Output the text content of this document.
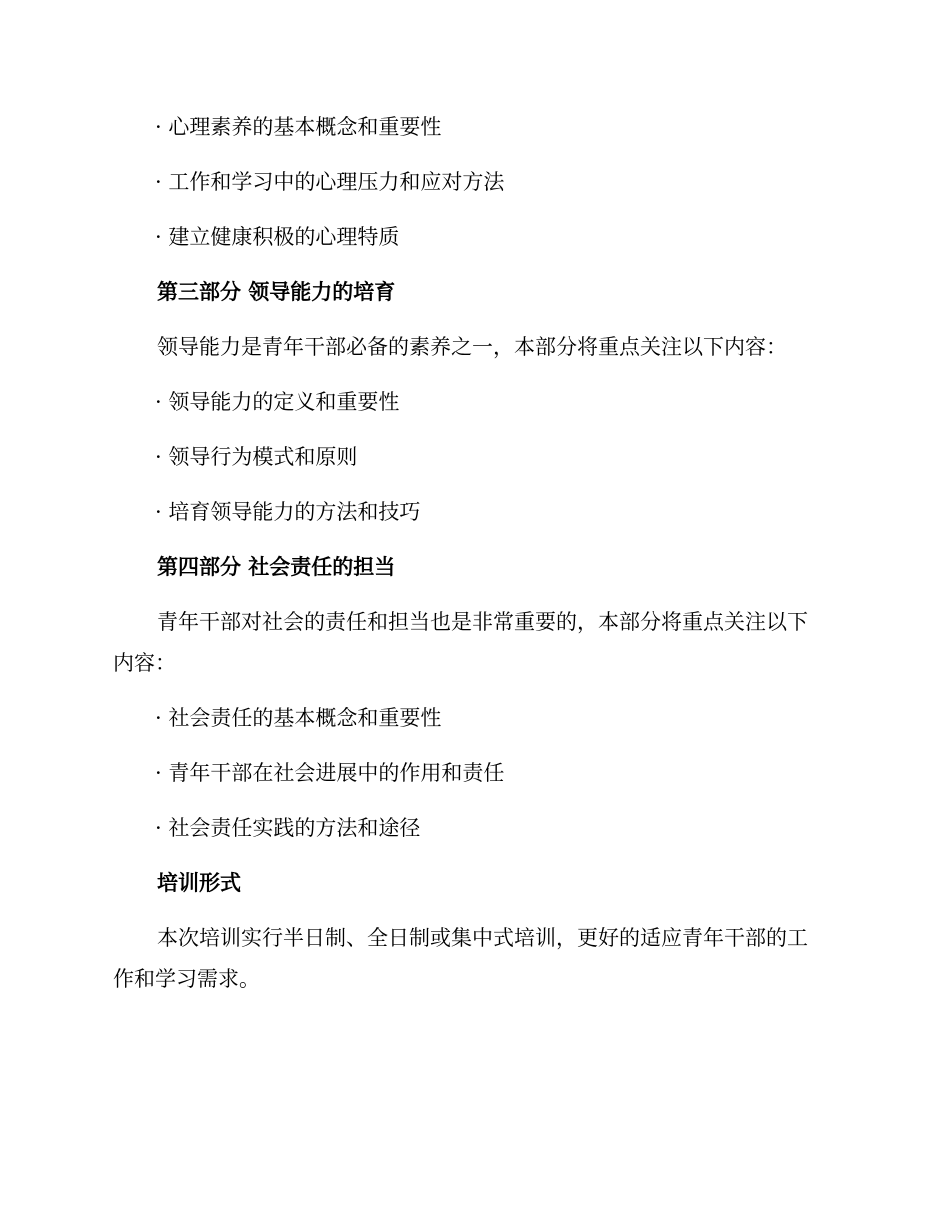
· 心理素养的基本概念和重要性
· 工作和学习中的心理压力和应对方法
· 建立健康积极的心理特质
第三部分 领导能力的培育
领导能力是青年干部必备的素养之一，本部分将重点关注以下内容：
· 领导能力的定义和重要性
· 领导行为模式和原则
· 培育领导能力的方法和技巧
第四部分 社会责任的担当
青年干部对社会的责任和担当也是非常重要的，本部分将重点关注以下
内容：
· 社会责任的基本概念和重要性
· 青年干部在社会进展中的作用和责任
· 社会责任实践的方法和途径
培训形式
本次培训实行半日制、全日制或集中式培训，更好的适应青年干部的工
作和学习需求。
